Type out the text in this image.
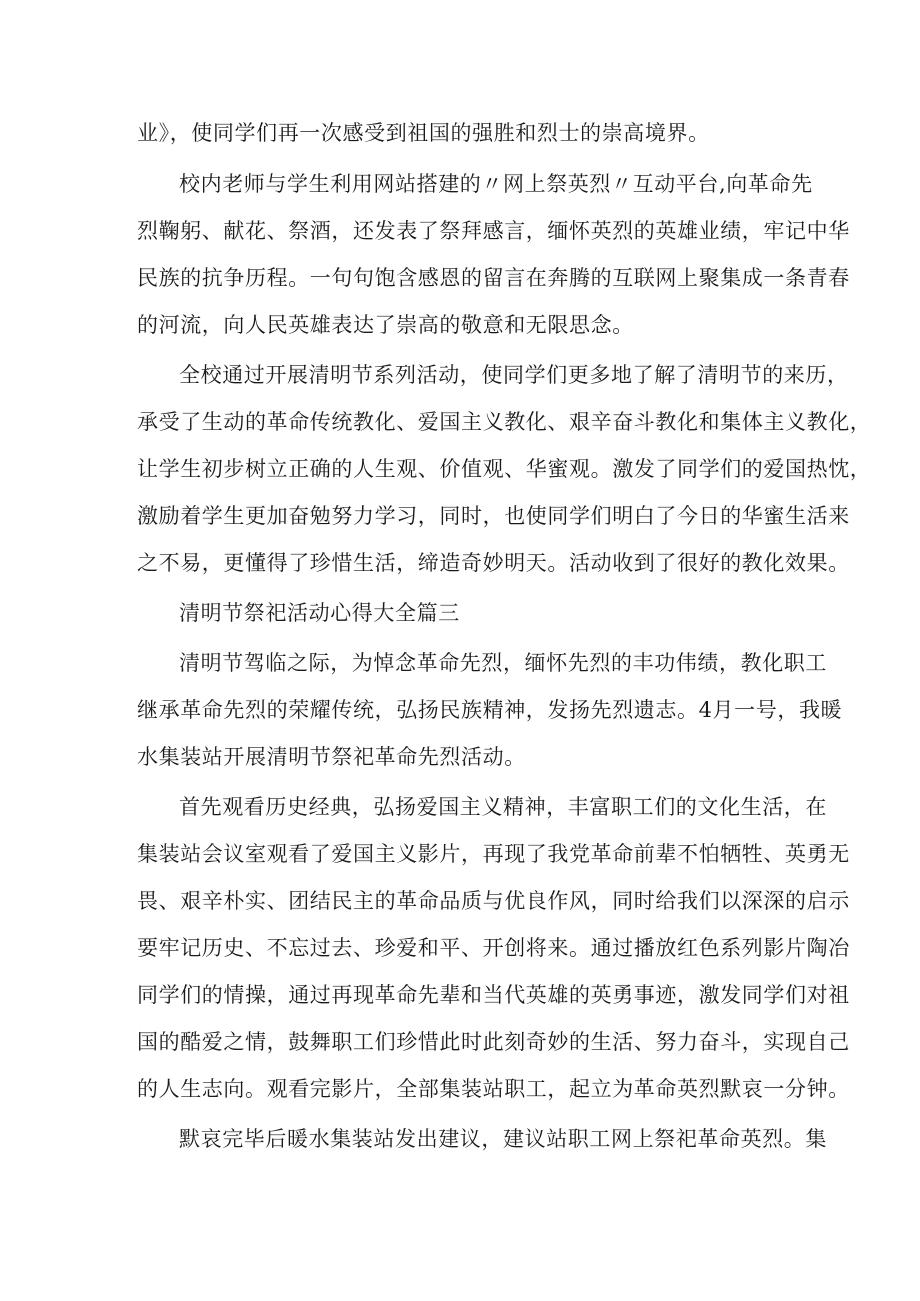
业》，使同学们再一次感受到祖国的强胜和烈士的崇高境界。
校内老师与学生利用网站搭建的〃网上祭英烈〃互动平台,向革命先
烈鞠躬、献花、祭酒，还发表了祭拜感言，缅怀英烈的英雄业绩，牢记中华
民族的抗争历程。一句句饱含感恩的留言在奔腾的互联网上聚集成一条青春
的河流，向人民英雄表达了崇高的敬意和无限思念。
全校通过开展清明节系列活动，使同学们更多地了解了清明节的来历，
承受了生动的革命传统教化、爱国主义教化、艰辛奋斗教化和集体主义教化，
让学生初步树立正确的人生观、价值观、华蜜观。激发了同学们的爱国热忱，
激励着学生更加奋勉努力学习，同时，也使同学们明白了今日的华蜜生活来
之不易，更懂得了珍惜生活，缔造奇妙明天。活动收到了很好的教化效果。
清明节祭祀活动心得大全篇三
清明节驾临之际，为悼念革命先烈，缅怀先烈的丰功伟绩，教化职工
继承革命先烈的荣耀传统，弘扬民族精神，发扬先烈遗志。4月一号，我暖
水集装站开展清明节祭祀革命先烈活动。
首先观看历史经典，弘扬爱国主义精神，丰富职工们的文化生活，在
集装站会议室观看了爱国主义影片，再现了我党革命前辈不怕牺牲、英勇无
畏、艰辛朴实、团结民主的革命品质与优良作风，同时给我们以深深的启示
要牢记历史、不忘过去、珍爱和平、开创将来。通过播放红色系列影片陶冶
同学们的情操，通过再现革命先辈和当代英雄的英勇事迹，激发同学们对祖
国的酷爱之情，鼓舞职工们珍惜此时此刻奇妙的生活、努力奋斗，实现自己
的人生志向。观看完影片，全部集装站职工，起立为革命英烈默哀一分钟。
默哀完毕后暖水集装站发出建议，建议站职工网上祭祀革命英烈。集
